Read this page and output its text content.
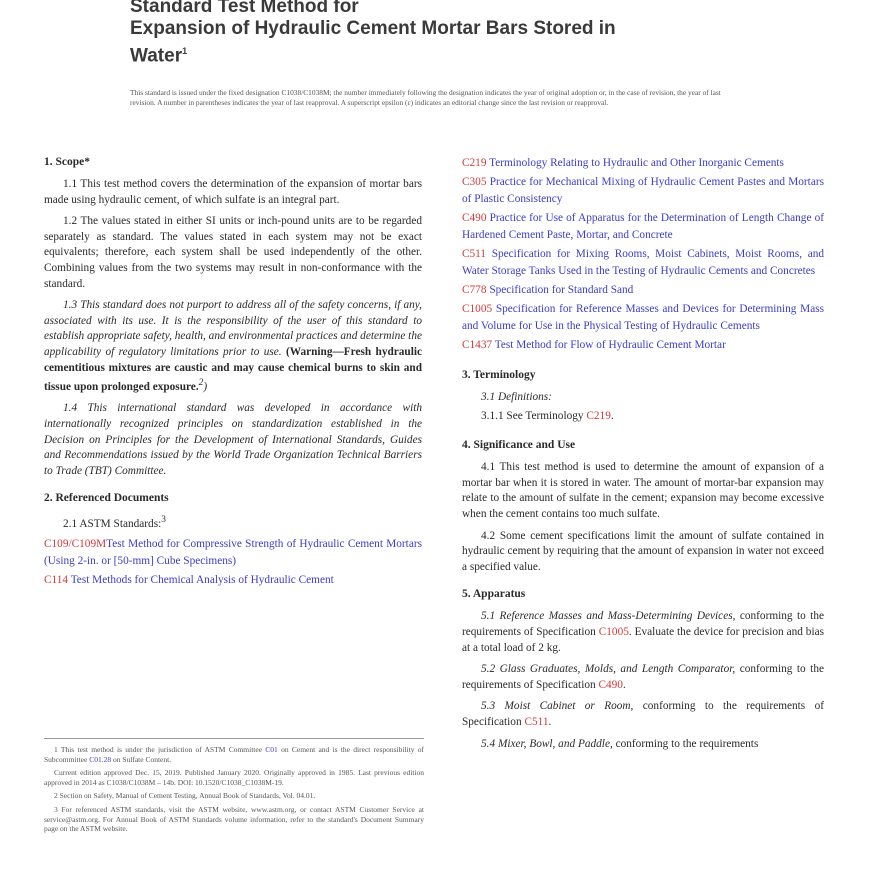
Standard Test Method for
Expansion of Hydraulic Cement Mortar Bars Stored in
Water$^1$
This standard is issued under the fixed designation C1038/C1038M; the number immediately following the designation indicates the year of original adoption or, in the case of revision, the year of last revision. A number in parentheses indicates the year of last reapproval. A superscript epsilon (ε) indicates an editorial change since the last revision or reapproval.
1. Scope*

1.1 This test method covers the determination of the expansion of mortar bars made using hydraulic cement, of which sulfate is an integral part.

1.2 The values stated in either SI units or inch-pound units are to be regarded separately as standard. The values stated in each system may not be exact equivalents; therefore, each system shall be used independently of the other. Combining values from the two systems may result in non-conformance with the standard.

1.3 This standard does not purport to address all of the safety concerns, if any, associated with its use. It is the responsibility of the user of this standard to establish appropriate safety, health, and environmental practices and determine the applicability of regulatory limitations prior to use. (Warning—Fresh hydraulic cementitious mixtures are caustic and may cause chemical burns to skin and tissue upon prolonged exposure.$^2$)

1.4 This international standard was developed in accordance with internationally recognized principles on standardization established in the Decision on Principles for the Development of International Standards, Guides and Recommendations issued by the World Trade Organization Technical Barriers to Trade (TBT) Committee.

2. Referenced Documents

2.1 ASTM Standards:$^3$

C109/C109MTest Method for Compressive Strength of Hydraulic Cement Mortars (Using 2-in. or [50-mm] Cube Specimens)
C114 Test Methods for Chemical Analysis of Hydraulic Cement
C219 Terminology Relating to Hydraulic and Other Inorganic Cements
C305 Practice for Mechanical Mixing of Hydraulic Cement Pastes and Mortars of Plastic Consistency
C490 Practice for Use of Apparatus for the Determination of Length Change of Hardened Cement Paste, Mortar, and Concrete
C511 Specification for Mixing Rooms, Moist Cabinets, Moist Rooms, and Water Storage Tanks Used in the Testing of Hydraulic Cements and Concretes
C778 Specification for Standard Sand
C1005 Specification for Reference Masses and Devices for Determining Mass and Volume for Use in the Physical Testing of Hydraulic Cements
C1437 Test Method for Flow of Hydraulic Cement Mortar
3. Terminology

3.1 Definitions:

3.1.1 See Terminology C219.

4. Significance and Use

4.1 This test method is used to determine the amount of expansion of a mortar bar when it is stored in water. The amount of mortar-bar expansion may relate to the amount of sulfate in the cement; expansion may become excessive when the cement contains too much sulfate.

4.2 Some cement specifications limit the amount of sulfate contained in hydraulic cement by requiring that the amount of expansion in water not exceed a specified value.

5. Apparatus

5.1 Reference Masses and Mass-Determining Devices, conforming to the requirements of Specification C1005. Evaluate the device for precision and bias at a total load of 2 kg.

5.2 Glass Graduates, Molds, and Length Comparator, conforming to the requirements of Specification C490.

5.3 Moist Cabinet or Room, conforming to the requirements of Specification C511.

5.4 Mixer, Bowl, and Paddle, conforming to the requirements

1 This test method is under the jurisdiction of ASTM Committee C01 on Cement and is the direct responsibility of Subcommittee C01.28 on Sulfate Content.

Current edition approved Dec. 15, 2019. Published January 2020. Originally approved in 1985. Last previous edition approved in 2014 as C1038/C1038M – 14b. DOI: 10.1520/C1038_C1038M-19.

2 Section on Safety, Manual of Cement Testing, Annual Book of Standards, Vol. 04.01.

3 For referenced ASTM standards, visit the ASTM website, www.astm.org, or contact ASTM Customer Service at service@astm.org. For Annual Book of ASTM Standards volume information, refer to the standard's Document Summary page on the ASTM website.
